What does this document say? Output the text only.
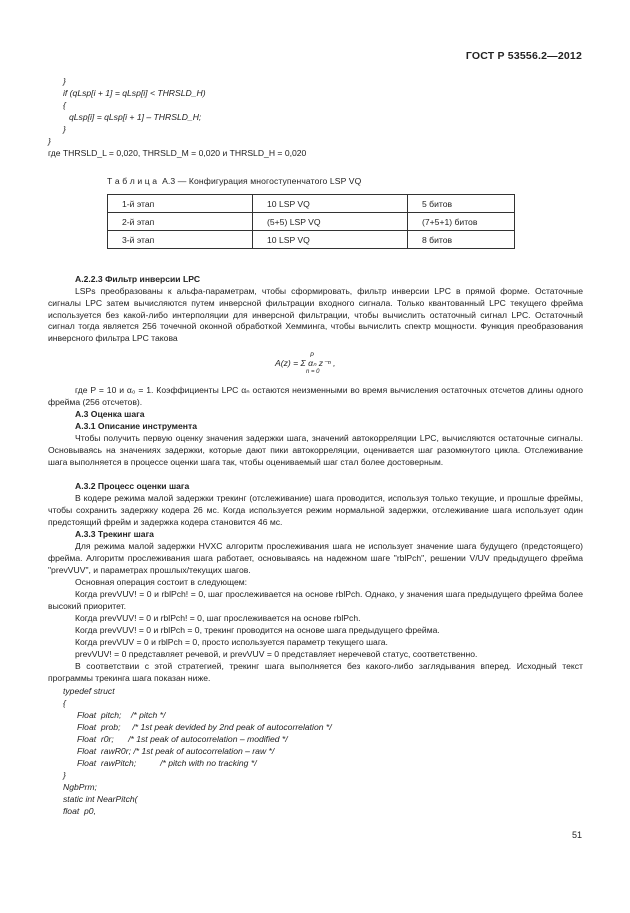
ГОСТ Р 53556.2—2012
}
if (qLsp[i + 1] = qLsp[i] < THRSLD_H)
{
qLsp[i] = qLsp[i + 1] – THRSLD_H;
}
}
где THRSLD_L = 0,020, THRSLD_M = 0,020 и THRSLD_H = 0,020
Т а б л и ц а  А.3 — Конфигурация многоступенчатого LSP VQ
1-й этап	10 LSP VQ	5 битов
2-й этап	(5+5) LSP VQ	(7+5+1) битов
3-й этап	10 LSP VQ	8 битов
A.2.2.3 Фильтр инверсии LPC
LSPs преобразованы к альфа-параметрам, чтобы сформировать, фильтр инверсии LPC в прямой форме. Остаточные сигналы LPC затем вычисляются путем инверсной фильтрации входного сигнала. Только квантованный LPC текущего фрейма используется без какой-либо интерполяции для инверсной фильтрации, чтобы вычислить остаточный сигнал LPC. Остаточный сигнал тогда является 256 точечной оконной обработкой Хемминга, чтобы вычислить спектр мощности. Функция преобразования инверсного фильтра LPC такова
A(z) = Σ αₙ z⁻ⁿ ,
P
n = 0
где P = 10 и α₀ = 1. Коэффициенты LPC αₙ остаются неизменными во время вычисления остаточных отсчетов длины одного фрейма (256 отсчетов).
A.3 Оценка шага
A.3.1 Описание инструмента
Чтобы получить первую оценку значения задержки шага, значений автокорреляции LPC, вычисляются остаточные сигналы. Основываясь на значениях задержки, которые дают пики автокорреляции, оценивается шаг разомкнутого цикла. Отслеживание шага выполняется в процессе оценки шага так, чтобы оцениваемый шаг стал более достоверным.
A.3.2 Процесс оценки шага
В кодере режима малой задержки трекинг (отслеживание) шага проводится, используя только текущие, и прошлые фреймы, чтобы сохранить задержку кодера 26 мс. Когда используется режим нормальной задержки, отслеживание шага использует один предстоящий фрейм и задержка кодера становится 46 мс.
A.3.3 Трекинг шага
Для режима малой задержки HVXC алгоритм прослеживания шага не использует значение шага будущего (предстоящего) фрейма. Алгоритм прослеживания шага работает, основываясь на надежном шаге "rblPch", решении V/UV предыдущего фрейма "prevVUV", и параметрах прошлых/текущих шагов.
Основная операция состоит в следующем:
Когда prevVUV! = 0 и rblPch! = 0, шаг прослеживается на основе rblPch. Однако, у значения шага предыдущего фрейма более высокий приоритет.
Когда prevVUV! = 0 и rblPch! = 0, шаг прослеживается на основе rblPch.
Когда prevVUV! = 0 и rblPch = 0, трекинг проводится на основе шага предыдущего фрейма.
Когда prevVUV = 0 и rblPch = 0, просто используется параметр текущего шага.
prevVUV! = 0 представляет речевой, и prevVUV = 0 представляет неречевой статус, соответственно.
В соответствии с этой стратегией, трекинг шага выполняется без какого-либо заглядывания вперед. Исходный текст программы трекинга шага показан ниже.
typedef struct
{
Float  pitch;    /* pitch */
Float  prob;     /* 1st peak devided by 2nd peak of autocorrelation */
Float  r0r;      /* 1st peak of autocorrelation – modified */
Float  rawR0r; /* 1st peak of autocorrelation – raw */
Float  rawPitch;          /* pitch with no tracking */
}
NgbPrm;
static int NearPitch(
float  p0,
51
